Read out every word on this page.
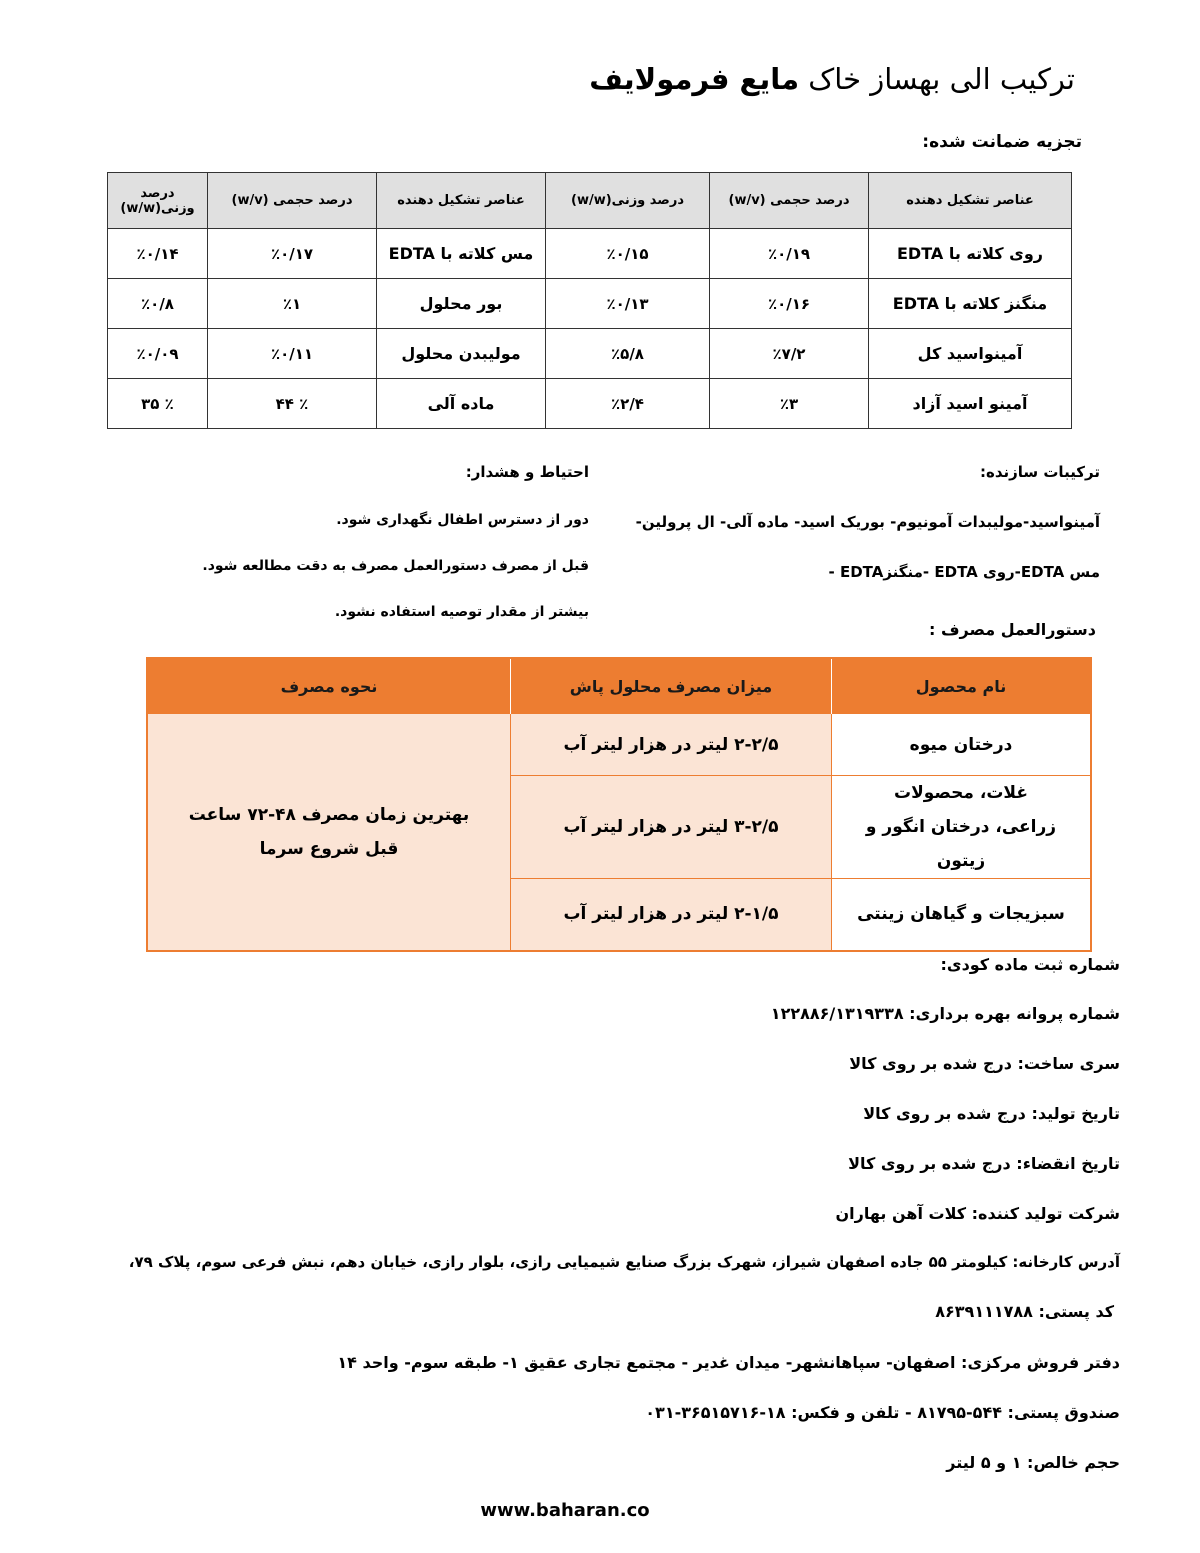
ترکیب الی بهساز خاک مایع فرمولایف
تجزیه ضمانت شده:
عناصر تشکیل دهنده	درصد حجمی (w/v)	درصد وزنی(w/w)	عناصر تشکیل دهنده	درصد حجمی (w/v)	درصد وزنی(w/w)
روی کلاته با EDTA	٪۰/۱۹	٪۰/۱۵	مس کلاته با EDTA	٪۰/۱۷	٪۰/۱۴
منگنز کلاته با EDTA	٪۰/۱۶	٪۰/۱۳	بور محلول	٪۱	٪۰/۸
آمینواسید کل	٪۷/۲	٪۵/۸	مولیبدن محلول	٪۰/۱۱	٪۰/۰۹
آمینو اسید آزاد	٪۳	٪۲/۴	ماده آلی	٪ ۴۴	٪ ۳۵
ترکیبات سازنده:
آمینواسید-مولیبدات آمونیوم- بوریک اسید- ماده آلی- ال پرولین-
مس EDTA-روی EDTA -منگنزEDTA -
احتیاط و هشدار:
دور از دسترس اطفال نگهداری شود.
قبل از مصرف دستورالعمل مصرف به دقت مطالعه شود.
بیشتر از مقدار توصیه استفاده نشود.
دستورالعمل مصرف :
نام محصول	میزان مصرف محلول پاش	نحوه مصرف
درختان میوه	۲-۲/۵ لیتر در هزار لیتر آب	بهترین زمان مصرف ۴۸-۷۲ ساعت قبل شروع سرما
غلات، محصولات زراعی، درختان انگور و زیتون	۳-۲/۵ لیتر در هزار لیتر آب	
سبزیجات و گیاهان زینتی	۲-۱/۵ لیتر در هزار لیتر آب	
شماره ثبت ماده کودی:
شماره پروانه بهره برداری: ۱۲۲۸۸۶/۱۳۱۹۳۳۸
سری ساخت: درج شده بر روی کالا
تاریخ تولید: درج شده بر روی کالا
تاریخ انقضاء: درج شده بر روی کالا
شرکت تولید کننده: کلات آهن بهاران
آدرس کارخانه: کیلومتر ۵۵ جاده اصفهان شیراز، شهرک بزرگ صنایع شیمیایی رازی، بلوار رازی، خیابان دهم، نبش فرعی سوم، پلاک ۷۹،
کد پستی: ۸۶۳۹۱۱۱۷۸۸
دفتر فروش مرکزی: اصفهان- سپاهانشهر- میدان غدیر - مجتمع تجاری عقیق ۱- طبقه سوم- واحد ۱۴
صندوق پستی: ۵۴۴-۸۱۷۹۵ - تلفن و فکس: ۱۸-۳۶۵۱۵۷۱۶-۰۳۱
حجم خالص: ۱ و ۵ لیتر
www.baharan.co
